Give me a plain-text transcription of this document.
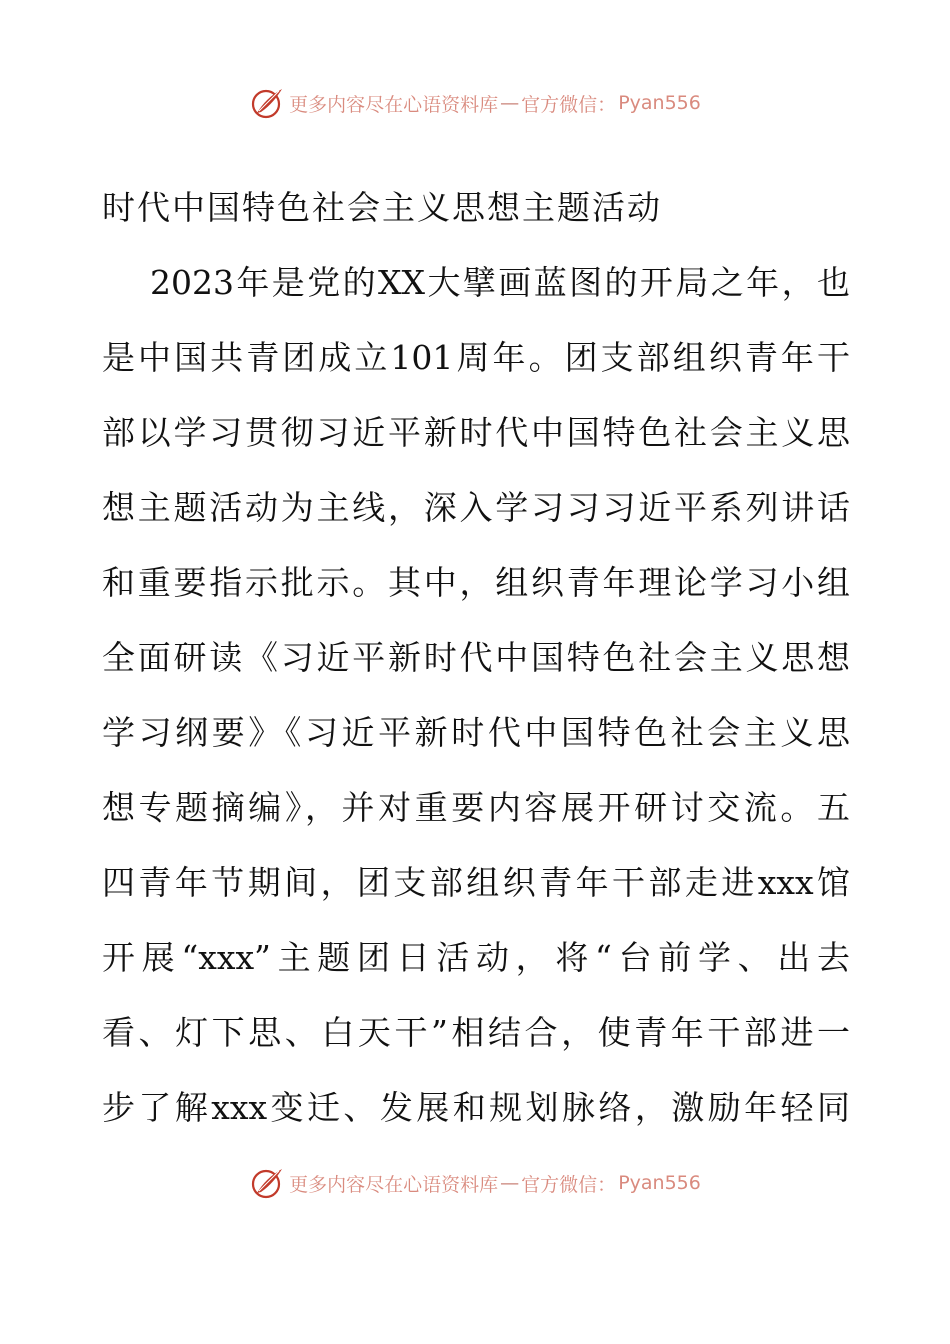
更多内容尽在心语资料库 — 官方微信： Pyan556
时代中国特色社会主义思想主题活动
2023年是党的XX大擘画蓝图的开局之年，也
是中国共青团成立101周年。团支部组织青年干
部以学习贯彻习近平新时代中国特色社会主义思
想主题活动为主线，深入学习习习近平系列讲话
和重要指示批示。其中，组织青年理论学习小组
全面研读《习近平新时代中国特色社会主义思想
学习纲要》《习近平新时代中国特色社会主义思
想专题摘编》，并对重要内容展开研讨交流。五
四青年节期间，团支部组织青年干部走进xxx馆
开展“xxx”主题团日活动，将“台前学、出去
看、灯下思、白天干”相结合，使青年干部进一
步了解xxx变迁、发展和规划脉络，激励年轻同
更多内容尽在心语资料库 — 官方微信： Pyan556
